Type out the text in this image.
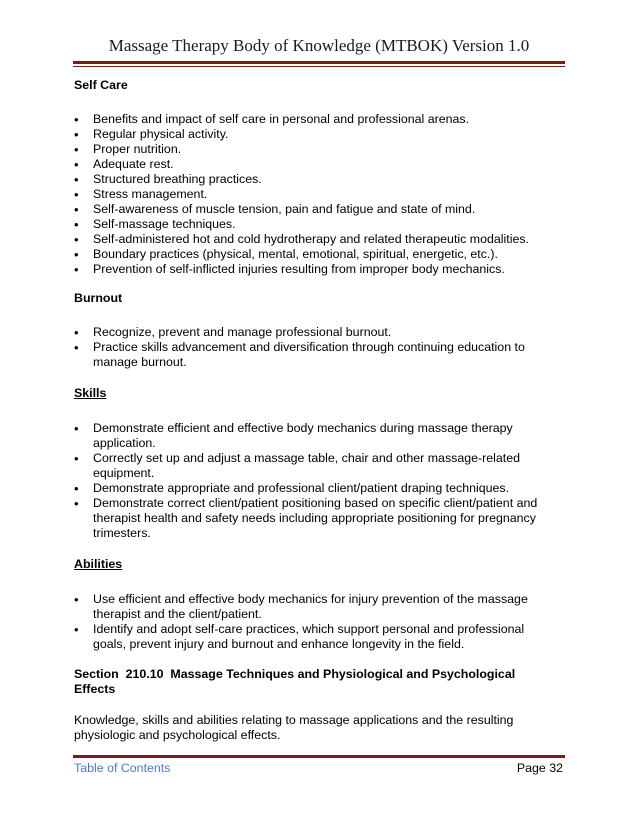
Massage Therapy Body of Knowledge (MTBOK) Version 1.0

Self Care

• Benefits and impact of self care in personal and professional arenas.
• Regular physical activity.
• Proper nutrition.
• Adequate rest.
• Structured breathing practices.
• Stress management.
• Self-awareness of muscle tension, pain and fatigue and state of mind.
• Self-massage techniques.
• Self-administered hot and cold hydrotherapy and related therapeutic modalities.
• Boundary practices (physical, mental, emotional, spiritual, energetic, etc.).
• Prevention of self-inflicted injuries resulting from improper body mechanics.

Burnout

• Recognize, prevent and manage professional burnout.
• Practice skills advancement and diversification through continuing education to manage burnout.

Skills

• Demonstrate efficient and effective body mechanics during massage therapy application.
• Correctly set up and adjust a massage table, chair and other massage-related equipment.
• Demonstrate appropriate and professional client/patient draping techniques.
• Demonstrate correct client/patient positioning based on specific client/patient and therapist health and safety needs including appropriate positioning for pregnancy trimesters.

Abilities

• Use efficient and effective body mechanics for injury prevention of the massage therapist and the client/patient.
• Identify and adopt self-care practices, which support personal and professional goals, prevent injury and burnout and enhance longevity in the field.

Section  210.10  Massage Techniques and Physiological and Psychological Effects

Knowledge, skills and abilities relating to massage applications and the resulting physiologic and psychological effects.

Table of Contents	Page 32
